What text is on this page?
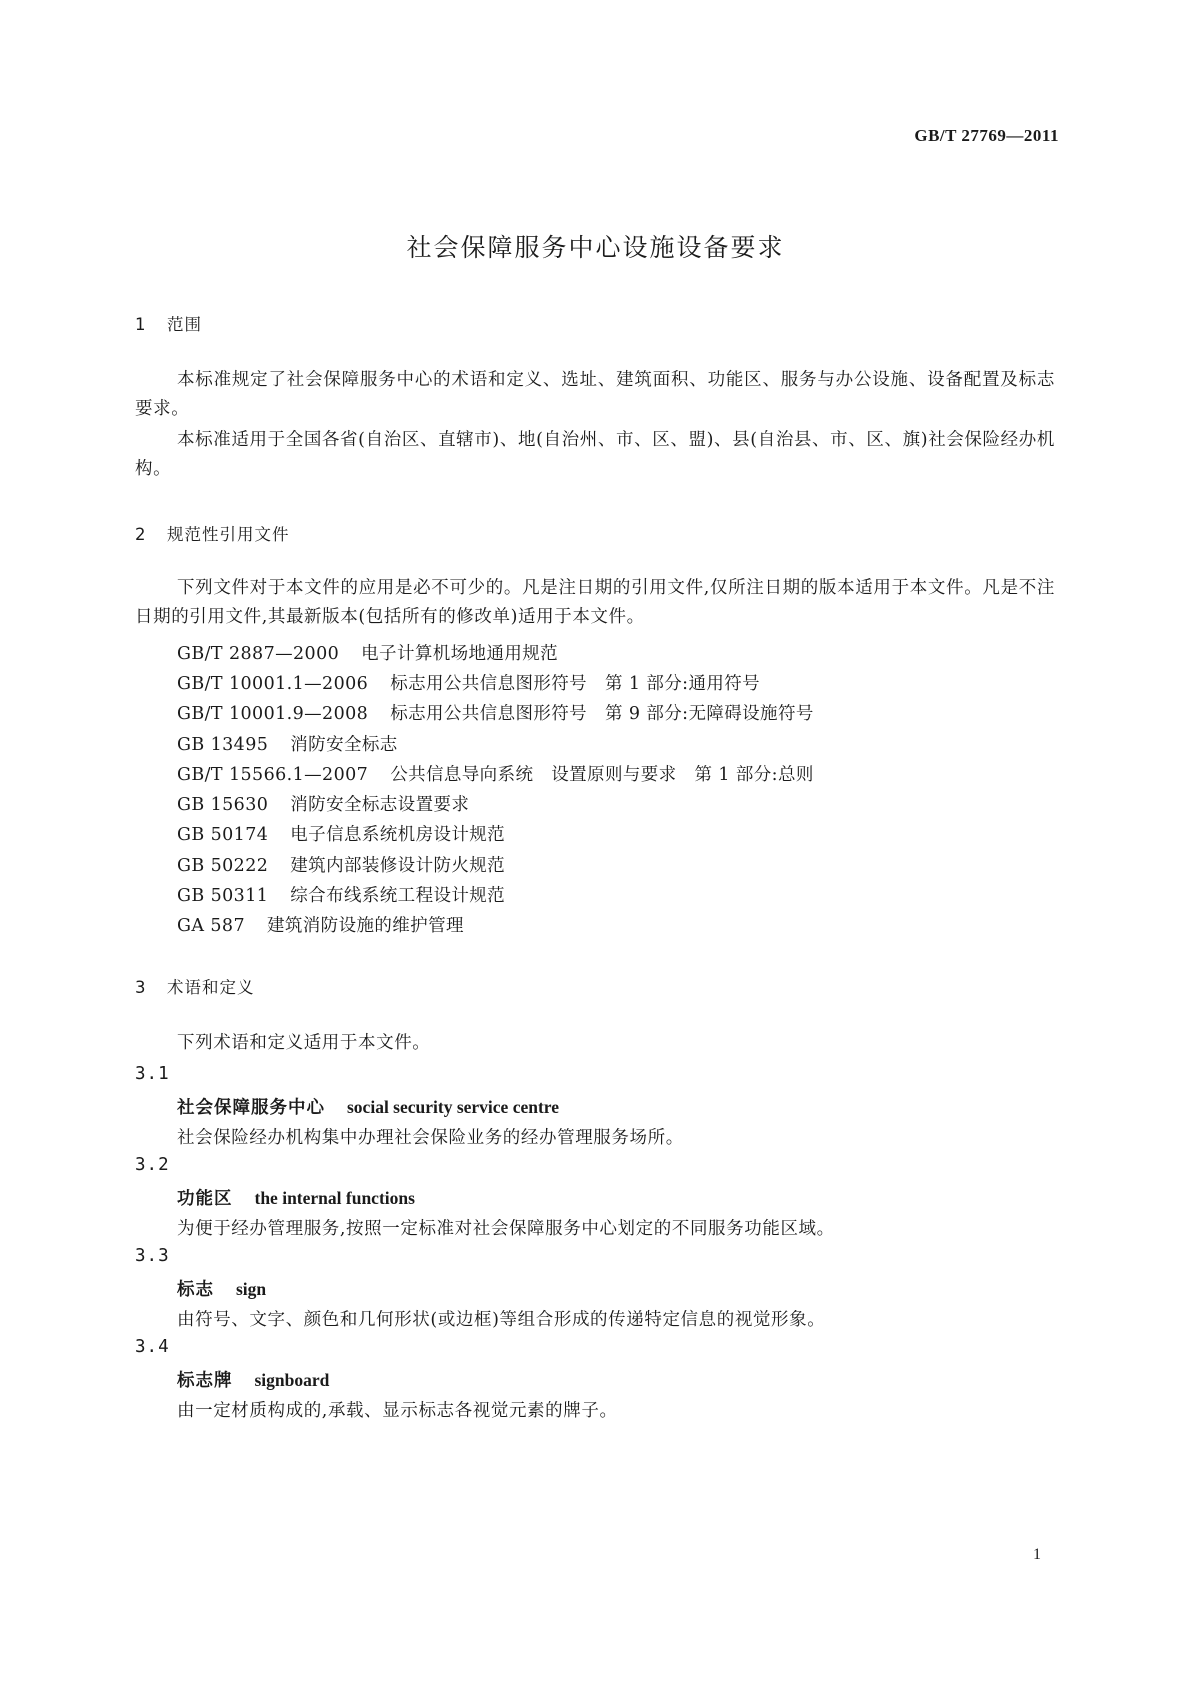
GB/T 27769—2011
社会保障服务中心设施设备要求
1 范围

本标准规定了社会保障服务中心的术语和定义、选址、建筑面积、功能区、服务与办公设施、设备配置及标志要求。

本标准适用于全国各省(自治区、直辖市)、地(自治州、市、区、盟)、县(自治县、市、区、旗)社会保险经办机构。

2 规范性引用文件

下列文件对于本文件的应用是必不可少的。凡是注日期的引用文件,仅所注日期的版本适用于本文件。凡是不注日期的引用文件,其最新版本(包括所有的修改单)适用于本文件。

GB/T 2887—2000 电子计算机场地通用规范
GB/T 10001.1—2006 标志用公共信息图形符号　第 1 部分:通用符号
GB/T 10001.9—2008 标志用公共信息图形符号　第 9 部分:无障碍设施符号
GB 13495 消防安全标志
GB/T 15566.1—2007 公共信息导向系统　设置原则与要求　第 1 部分:总则
GB 15630 消防安全标志设置要求
GB 50174 电子信息系统机房设计规范
GB 50222 建筑内部装修设计防火规范
GB 50311 综合布线系统工程设计规范
GA 587 建筑消防设施的维护管理
3 术语和定义

下列术语和定义适用于本文件。

3.1
社会保障服务中心 social security service centre
社会保险经办机构集中办理社会保险业务的经办管理服务场所。
3.2
功能区 the internal functions
为便于经办管理服务,按照一定标准对社会保障服务中心划定的不同服务功能区域。
3.3
标志 sign
由符号、文字、颜色和几何形状(或边框)等组合形成的传递特定信息的视觉形象。
3.4
标志牌 signboard
由一定材质构成的,承载、显示标志各视觉元素的牌子。
1
